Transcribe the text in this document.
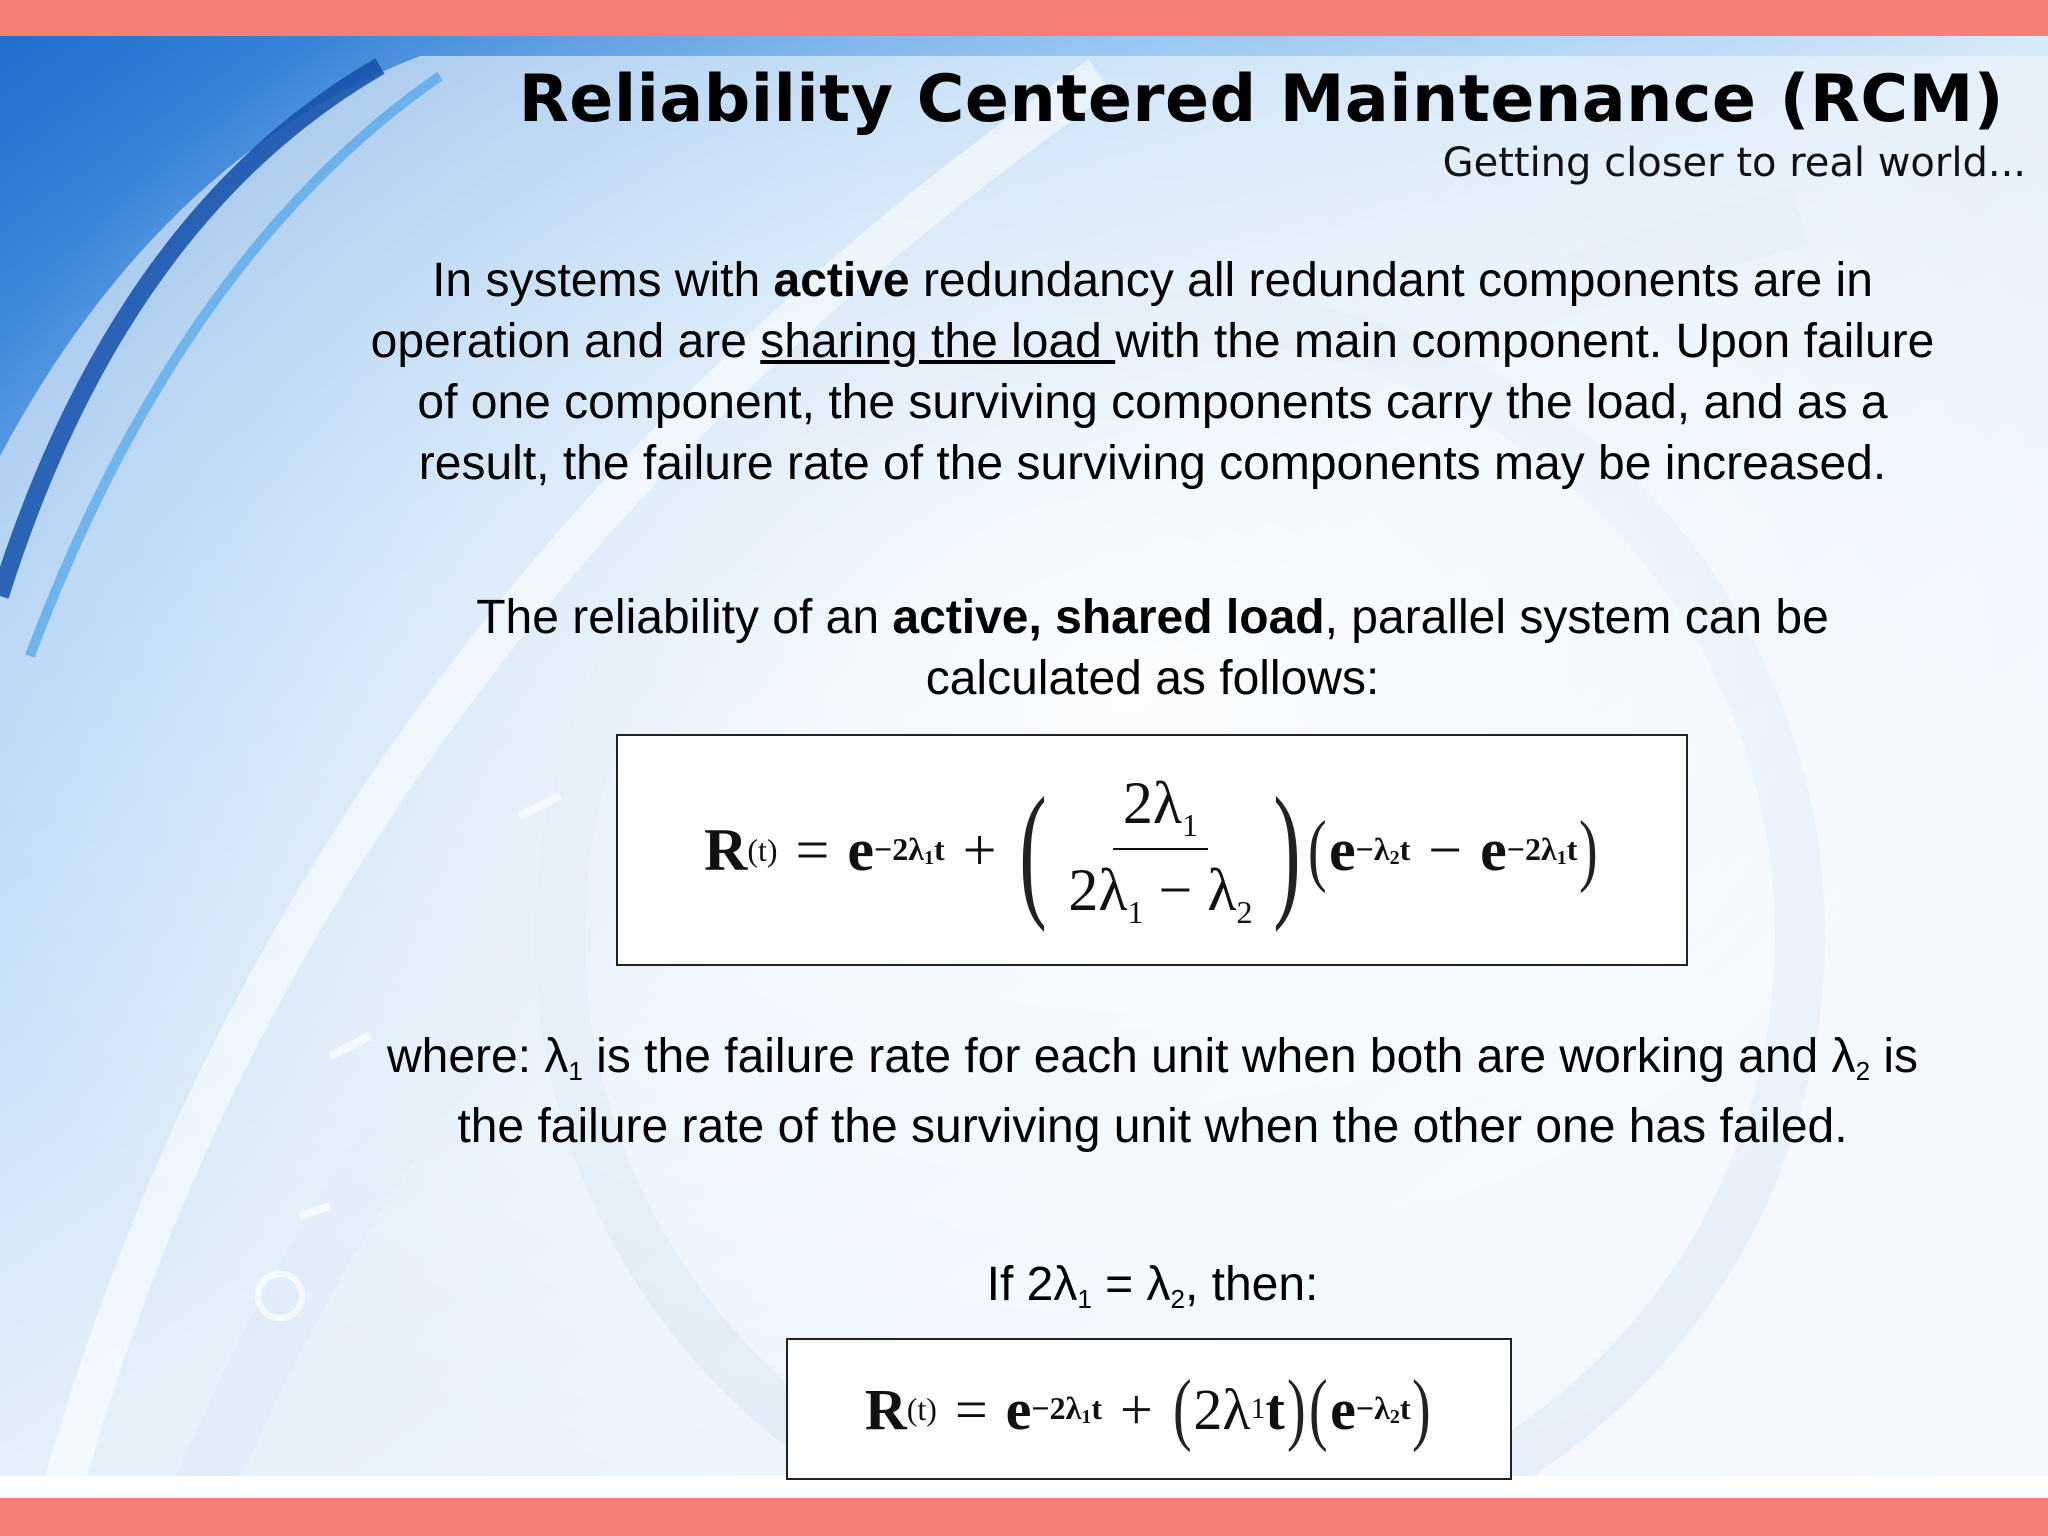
Reliability Centered Maintenance (RCM)
Getting closer to real world...
In systems with active redundancy all redundant components are in operation and are sharing the load with the main component. Upon failure of one component, the surviving components carry the load, and as a result, the failure rate of the surviving components may be increased.
The reliability of an active, shared load, parallel system can be calculated as follows:
R $(t) = e -2\lambda_1t$ + ( $\frac{2\lambda_1}{2\lambda_1 - \lambda_2}$ ) ( $e -\lambda_2t - e -2\lambda_1t$ )
where: $\lambda_1$ is the failure rate for each unit when both are working and $\lambda_2$ is the failure rate of the surviving unit when the other one has failed.
If $2\lambda_1 = \lambda_2$, then:
R $(t) = e -2\lambda_1t$ + ( 2λ 1 t ) ( $e -\lambda_2t$ )
